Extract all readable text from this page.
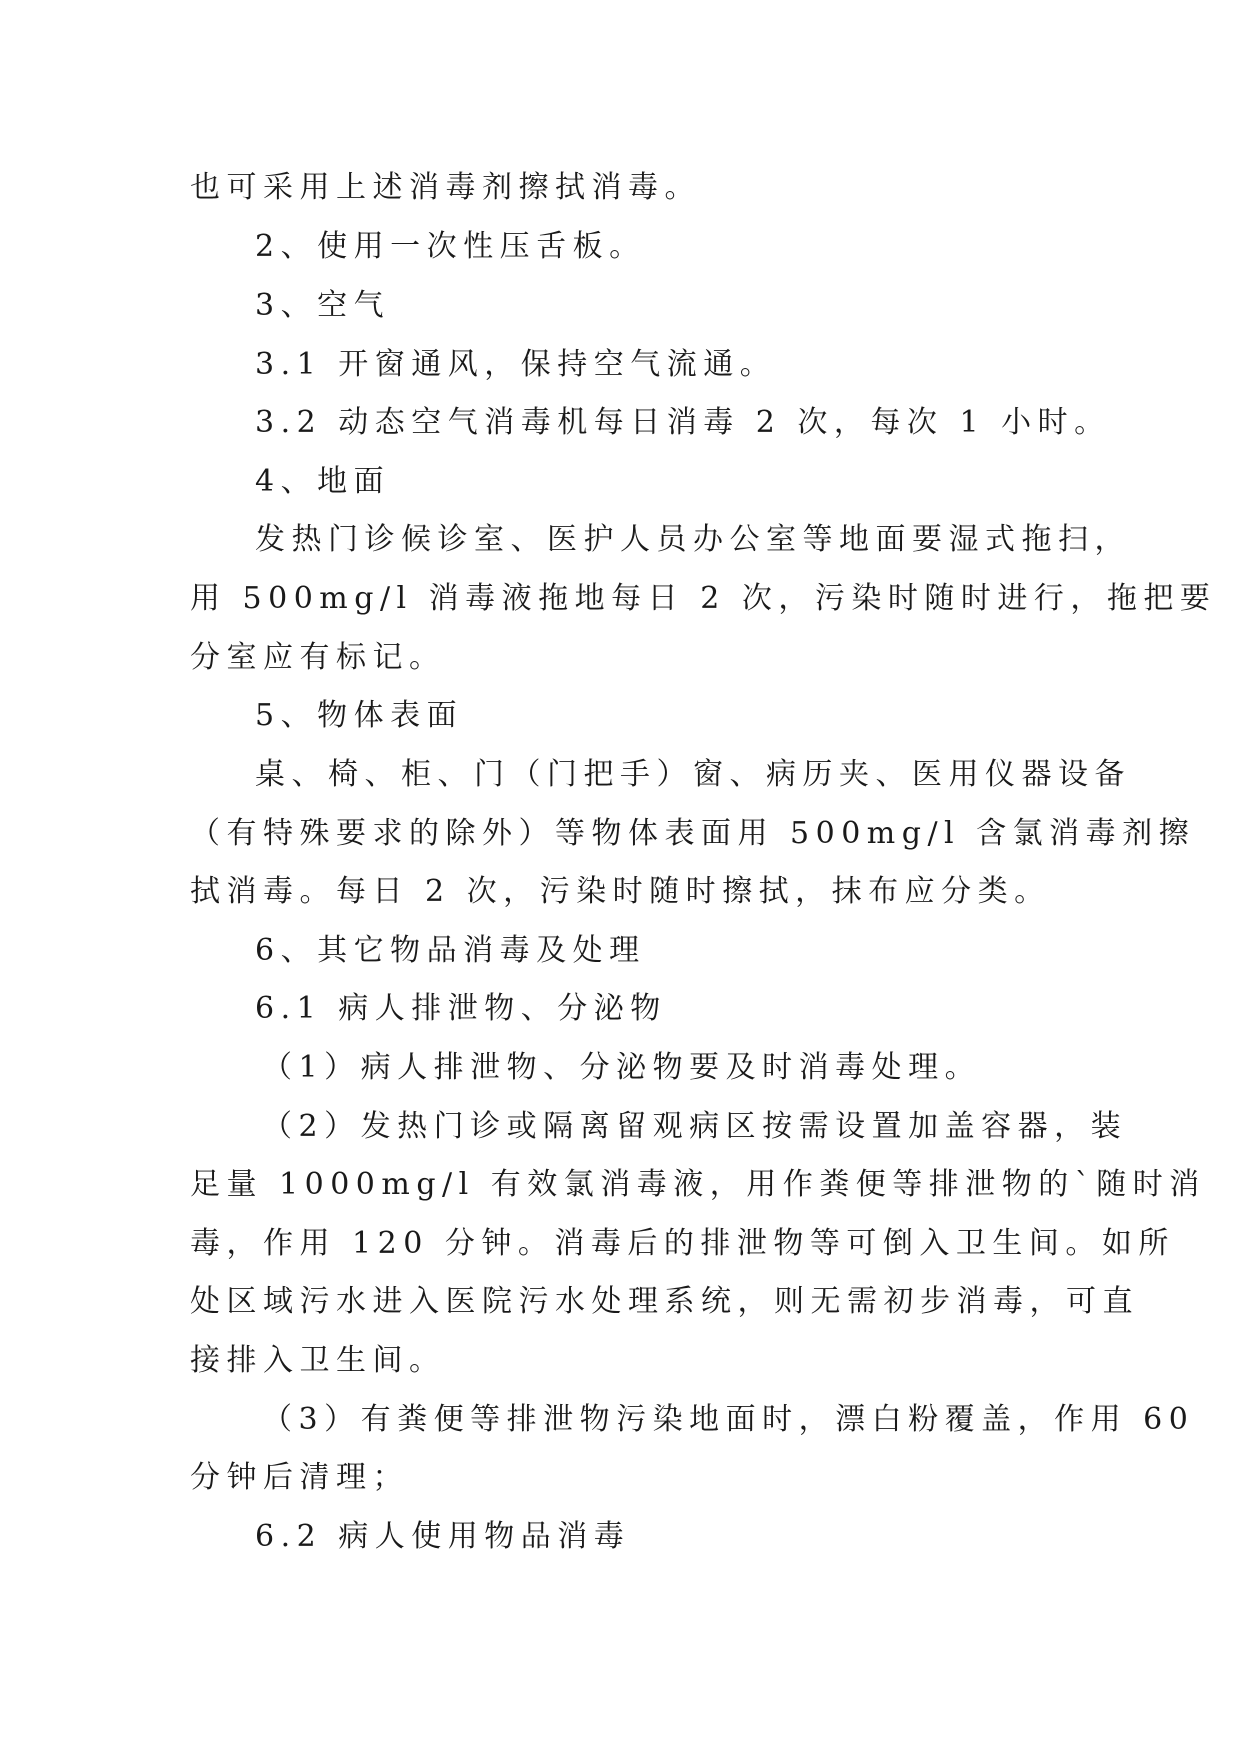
也可采用上述消毒剂擦拭消毒。
2、使用一次性压舌板。
3、空气
3.1 开窗通风，保持空气流通。
3.2 动态空气消毒机每日消毒 2 次，每次 1 小时。
4、地面
发热门诊候诊室、医护人员办公室等地面要湿式拖扫，
用 500mg/l 消毒液拖地每日 2 次，污染时随时进行，拖把要
分室应有标记。
5、物体表面
桌、椅、柜、门（门把手）窗、病历夹、医用仪器设备
（有特殊要求的除外）等物体表面用 500mg/l 含氯消毒剂擦
拭消毒。每日 2 次，污染时随时擦拭，抹布应分类。
6、其它物品消毒及处理
6.1 病人排泄物、分泌物
（1）病人排泄物、分泌物要及时消毒处理。
（2）发热门诊或隔离留观病区按需设置加盖容器，装
足量 1000mg/l 有效氯消毒液，用作粪便等排泄物的`随时消
毒，作用 120 分钟。消毒后的排泄物等可倒入卫生间。如所
处区域污水进入医院污水处理系统，则无需初步消毒，可直
接排入卫生间。
（3）有粪便等排泄物污染地面时，漂白粉覆盖，作用 60
分钟后清理；
6.2 病人使用物品消毒
